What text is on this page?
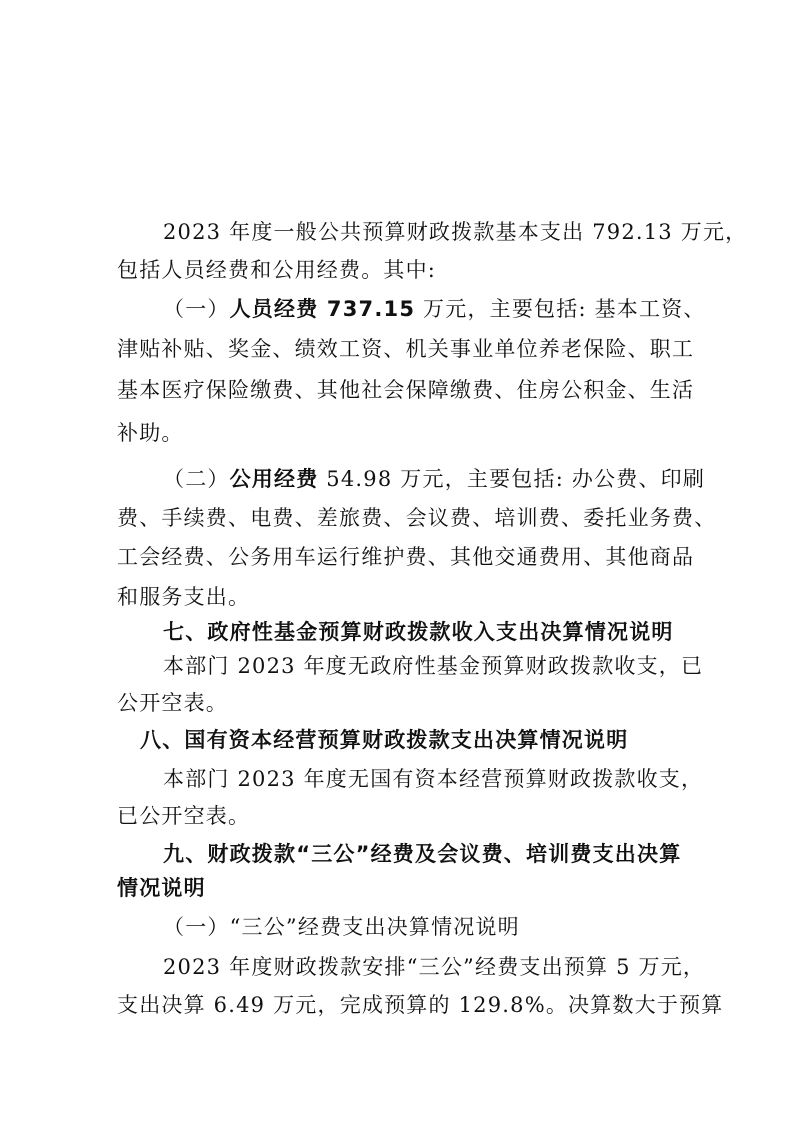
2023 年度一般公共预算财政拨款基本支出 792.13 万元，
包括人员经费和公用经费。其中:
（一）人员经费 737.15 万元，主要包括: 基本工资、
津贴补贴、奖金、绩效工资、机关事业单位养老保险、职工
基本医疗保险缴费、其他社会保障缴费、住房公积金、生活
补助。
（二）公用经费 54.98 万元，主要包括: 办公费、印刷
费、手续费、电费、差旅费、会议费、培训费、委托业务费、
工会经费、公务用车运行维护费、其他交通费用、其他商品
和服务支出。
七、政府性基金预算财政拨款收入支出决算情况说明
本部门 2023 年度无政府性基金预算财政拨款收支，已
公开空表。
八、国有资本经营预算财政拨款支出决算情况说明
本部门 2023 年度无国有资本经营预算财政拨款收支，
已公开空表。
九、财政拨款“三公”经费及会议费、培训费支出决算
情况说明
（一）“三公”经费支出决算情况说明
2023 年度财政拨款安排“三公”经费支出预算 5 万元，
支出决算 6.49 万元，完成预算的 129.8%。决算数大于预算
